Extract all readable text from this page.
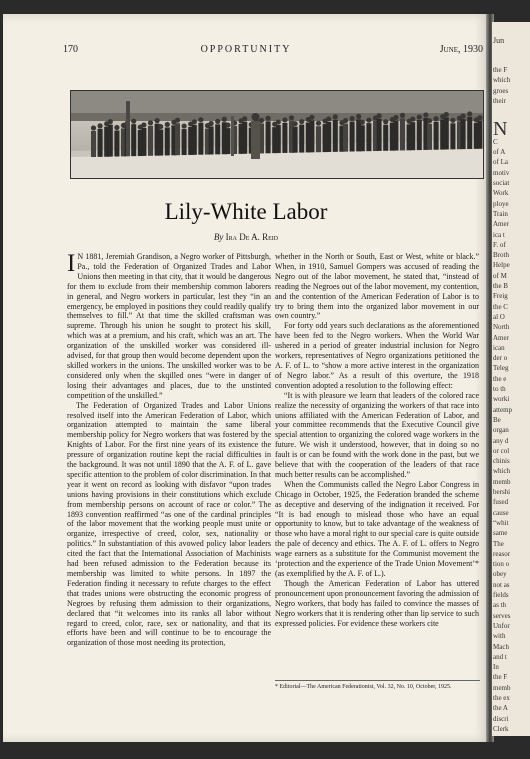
170	OPPORTUNITY	June, 1930
Lily-White Labor
By Ira De A. Reid

I N 1881, Jeremiah Grandison, a Negro worker of Pittsburgh, Pa., told the Federation of Organized Trades and Labor Unions then meeting in that city, that it would be dangerous for them to exclude from their membership common laborers in general, and Negro workers in particular, lest they “in an emergency, be employed in positions they could readily qualify themselves to fill.” At that time the skilled craftsman was supreme. Through his union he sought to protect his skill, which was at a premium, and his craft, which was an art. The organization of the unskilled worker was considered ill-advised, for that group then would become dependent upon the skilled workers in the unions. The unskilled worker was to be considered only when the skqilled ones “were in danger of losing their advantages and places, due to the unstinted competition of the unskilled.”

The Federation of Organized Trades and Labor Unions resolved itself into the American Federation of Labor, which organization attempted to maintain the same liberal membership policy for Negro workers that was fostered by the Knights of Labor. For the first nine years of its existence the pressure of organization routine kept the racial difficulties in the background. It was not until 1890 that the A. F. of L. gave specific attention to the problem of color discrimination. In that year it went on record as looking with disfavor “upon trades unions having provisions in their constitutions which exclude from membership persons on account of race or color.” The 1893 convention reaffirmed “as one of the cardinal principles of the labor movement that the working people must unite or organize, irrespective of creed, color, sex, nationality or politics.” In substantiation of this avowed policy labor leaders cited the fact that the International Association of Machinists had been refused admission to the Federation because its membership was limited to white persons. In 1897 the Federation finding it necessary to refute charges to the effect that trades unions were obstructing the economic progress of Negroes by refusing them admission to their organizations, declared that “it welcomes into its ranks all labor without regard to creed, color, race, sex or nationality, and that its efforts have been and will continue to be to encourage the organization of those most needing its protection,

whether in the North or South, East or West, white or black.” When, in 1910, Samuel Gompers was accused of reading the Negro out of the labor movement, he stated that, “instead of reading the Negroes out of the labor movement, my contention, and the contention of the American Federation of Labor is to try to bring them into the organized labor movement in our own country.”

For forty odd years such declarations as the aforementioned have been fed to the Negro workers. When the World War ushered in a period of greater industrial inclusion for Negro workers, representatives of Negro organizations petitioned the A. F. of L. to “show a more active interest in the organization of Negro labor.” As a result of this overture, the 1918 convention adopted a resolution to the following effect:

“It is with pleasure we learn that leaders of the colored race realize the necessity of organizing the workers of that race into unions affiliated with the American Federation of Labor, and your committee recommends that the Executive Council give special attention to organizing the colored wage workers in the future. We wish it understood, however, that in doing so no fault is or can be found with the work done in the past, but we believe that with the cooperation of the leaders of that race much better results can be accomplished.”

When the Communists called the Negro Labor Congress in Chicago in October, 1925, the Federation branded the scheme as deceptive and deserving of the indignation it received. For “It is bad enough to mislead those who have an equal opportunity to know, but to take advantage of the weakness of those who have a moral right to our special care is quite outside the pale of decency and ethics. The A. F. of L. offers to Negro wage earners as a substitute for the Communist movement the ‘protection and the experience of the Trade Union Movement’*(as exemplified by the A. F. of L.).

Though the American Federation of Labor has uttered pronouncement upon pronouncement favoring the admission of Negro workers, that body has failed to convince the masses of Negro workers that it is rendering other than lip service to such expressed policies. For evidence these workers cite

* Editorial—The American Federationist, Vol. 32, No. 10, October, 1925.
Jun
the F
which
groes
their
N
C
of A
of La
motiv
sociat
Work
ploye
Train
Amer
ica t
F. of
Broth
Helpe
of M
the B
Freig
the C
al O
North
Amer
ican
der o
Teleg
the e
to th
worki
attemp
Be
organ
any d
or col
chinis
which
memb
bershi
fused
cause
“whit
same
The
reasor
tion o
obey
not as
fields
as th
serves
Unfor
with
Mach
and t
In
the F
memb
the ex
the A
discri
Clerk
